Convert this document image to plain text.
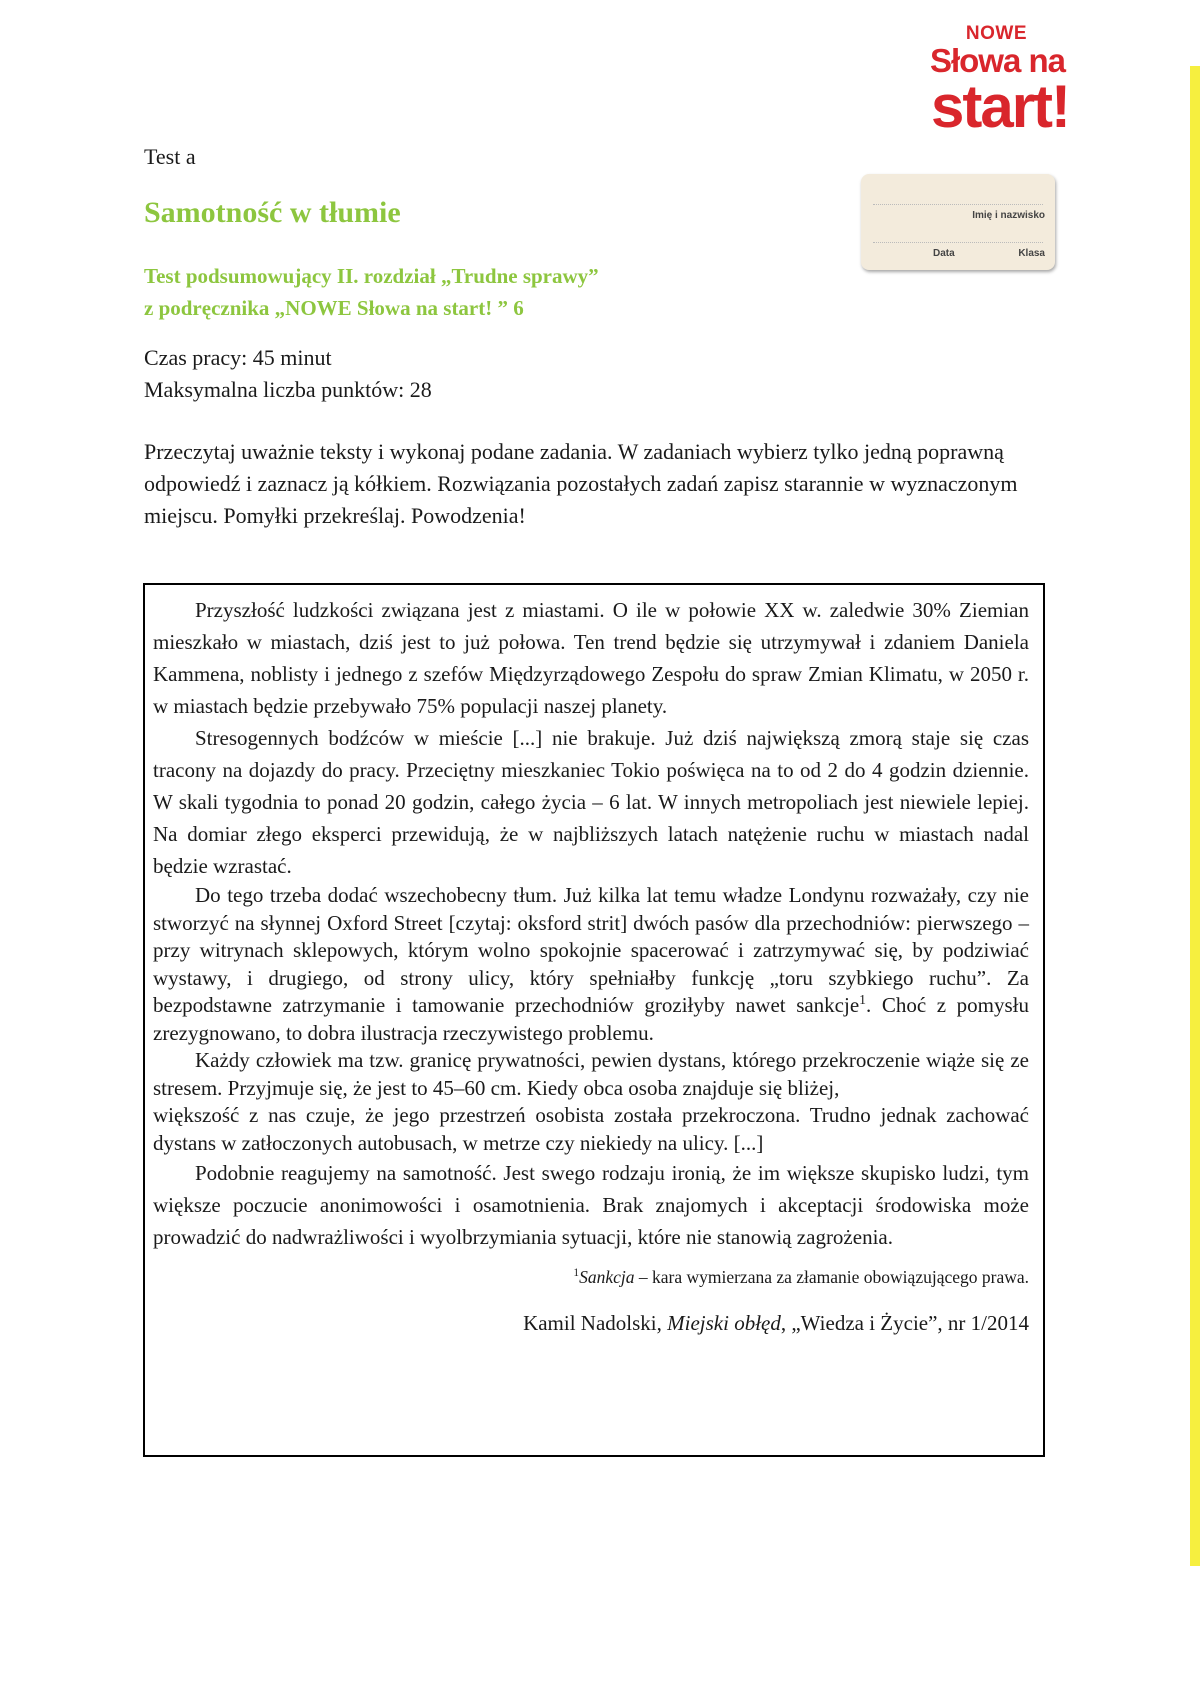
NOWE
Słowa na
start!
Imię i nazwisko
Data	Klasa
Test a
Samotność w tłumie
Test podsumowujący II. rozdział „Trudne sprawy”
z podręcznika „NOWE Słowa na start! ” 6
Czas pracy: 45 minut
Maksymalna liczba punktów: 28
Przeczytaj uważnie teksty i wykonaj podane zadania. W zadaniach wybierz tylko jedną poprawną odpowiedź i zaznacz ją kółkiem. Rozwiązania pozostałych zadań zapisz starannie w wyznaczonym miejscu. Pomyłki przekreślaj. Powodzenia!

Przyszłość ludzkości związana jest z miastami. O ile w połowie XX w. zaledwie 30% Ziemian mieszkało w miastach, dziś jest to już połowa. Ten trend będzie się utrzymywał i zdaniem Daniela Kammena, noblisty i jednego z szefów Międzyrządowego Zespołu do spraw Zmian Klimatu, w 2050 r. w miastach będzie przebywało 75% populacji naszej planety.

Stresogennych bodźców w mieście [...] nie brakuje. Już dziś największą zmorą staje się czas tracony na dojazdy do pracy. Przeciętny mieszkaniec Tokio poświęca na to od 2 do 4 godzin dziennie. W skali tygodnia to ponad 20 godzin, całego życia – 6 lat. W innych metropoliach jest niewiele lepiej. Na domiar złego eksperci przewidują, że w najbliższych latach natężenie ruchu w miastach nadal będzie wzrastać.

Do tego trzeba dodać wszechobecny tłum. Już kilka lat temu władze Londynu rozważały, czy nie stworzyć na słynnej Oxford Street [czytaj: oksford strit] dwóch pasów dla przechodniów: pierwszego – przy witrynach sklepowych, którym wolno spokojnie spacerować i zatrzymywać się, by podziwiać wystawy, i drugiego, od strony ulicy, który spełniałby funkcję „toru szybkiego ruchu”. Za bezpodstawne zatrzymanie i tamowanie przechodniów groziłyby nawet sankcje$^1$. Choć z pomysłu zrezygnowano, to dobra ilustracja rzeczywistego problemu.

Każdy człowiek ma tzw. granicę prywatności, pewien dystans, którego przekroczenie wiąże się ze stresem. Przyjmuje się, że jest to 45–60 cm. Kiedy obca osoba znajduje się bliżej,
większość z nas czuje, że jego przestrzeń osobista została przekroczona. Trudno jednak zachować dystans w zatłoczonych autobusach, w metrze czy niekiedy na ulicy. [...]

Podobnie reagujemy na samotność. Jest swego rodzaju ironią, że im większe skupisko ludzi, tym większe poczucie anonimowości i osamotnienia. Brak znajomych i akceptacji środowiska może prowadzić do nadwrażliwości i wyolbrzymiania sytuacji, które nie stanowią zagrożenia.

$^1$Sankcja – kara wymierzana za złamanie obowiązującego prawa.
Kamil Nadolski, Miejski obłęd, „Wiedza i Życie”, nr 1/2014
